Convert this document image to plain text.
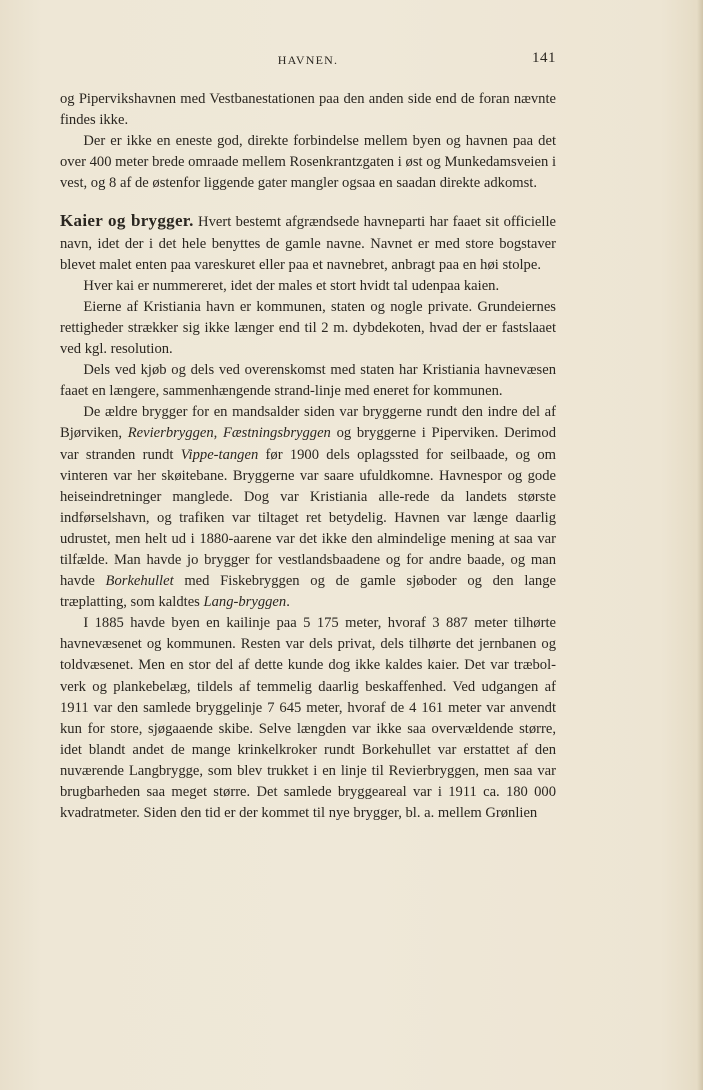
HAVNEN.	141

og Pipervikshavnen med Vestbanestationen paa den anden side end de foran nævnte findes ikke.

Der er ikke en eneste god, direkte forbindelse mellem byen og havnen paa det over 400 meter brede omraade mellem Rosenkrantzgaten i øst og Munkedamsveien i vest, og 8 af de østenfor liggende gater mangler ogsaa en saadan direkte adkomst.

Kaier og brygger. Hvert bestemt afgrændsede havneparti har faaet sit officielle navn, idet der i det hele benyttes de gamle navne. Navnet er med store bogstaver blevet malet enten paa vareskuret eller paa et navnebret, anbragt paa en høi stolpe.

Hver kai er nummereret, idet der males et stort hvidt tal udenpaa kaien.

Eierne af Kristiania havn er kommunen, staten og nogle private. Grundeiernes rettigheder strækker sig ikke længer end til 2 m. dybdekoten, hvad der er fastslaaet ved kgl. resolution.

Dels ved kjøb og dels ved overenskomst med staten har Kristiania havnevæsen faaet en længere, sammenhængende strand-linje med eneret for kommunen.

De ældre brygger for en mandsalder siden var bryggerne rundt den indre del af Bjørviken, Revierbryggen, Fæstningsbryggen og bryggerne i Piperviken. Derimod var stranden rundt Vippe-tangen før 1900 dels oplagssted for seilbaade, og om vinteren var her skøitebane. Bryggerne var saare ufuldkomne. Havnespor og gode heiseindretninger manglede. Dog var Kristiania alle-rede da landets største indførselshavn, og trafiken var tiltaget ret betydelig. Havnen var længe daarlig udrustet, men helt ud i 1880-aarene var det ikke den almindelige mening at saa var tilfælde. Man havde jo brygger for vestlandsbaadene og for andre baade, og man havde Borkehullet med Fiskebryggen og de gamle sjøboder og den lange træplatting, som kaldtes Lang-bryggen.

I 1885 havde byen en kailinje paa 5 175 meter, hvoraf 3 887 meter tilhørte havnevæsenet og kommunen. Resten var dels privat, dels tilhørte det jernbanen og toldvæsenet. Men en stor del af dette kunde dog ikke kaldes kaier. Det var træbol-verk og plankebelæg, tildels af temmelig daarlig beskaffenhed. Ved udgangen af 1911 var den samlede bryggelinje 7 645 meter, hvoraf de 4 161 meter var anvendt kun for store, sjøgaaende skibe. Selve længden var ikke saa overvældende større, idet blandt andet de mange krinkelkroker rundt Borkehullet var erstattet af den nuværende Langbrygge, som blev trukket i en linje til Revierbryggen, men saa var brugbarheden saa meget større. Det samlede bryggeareal var i 1911 ca. 180 000 kvadratmeter. Siden den tid er der kommet til nye brygger, bl. a. mellem Grønlien
